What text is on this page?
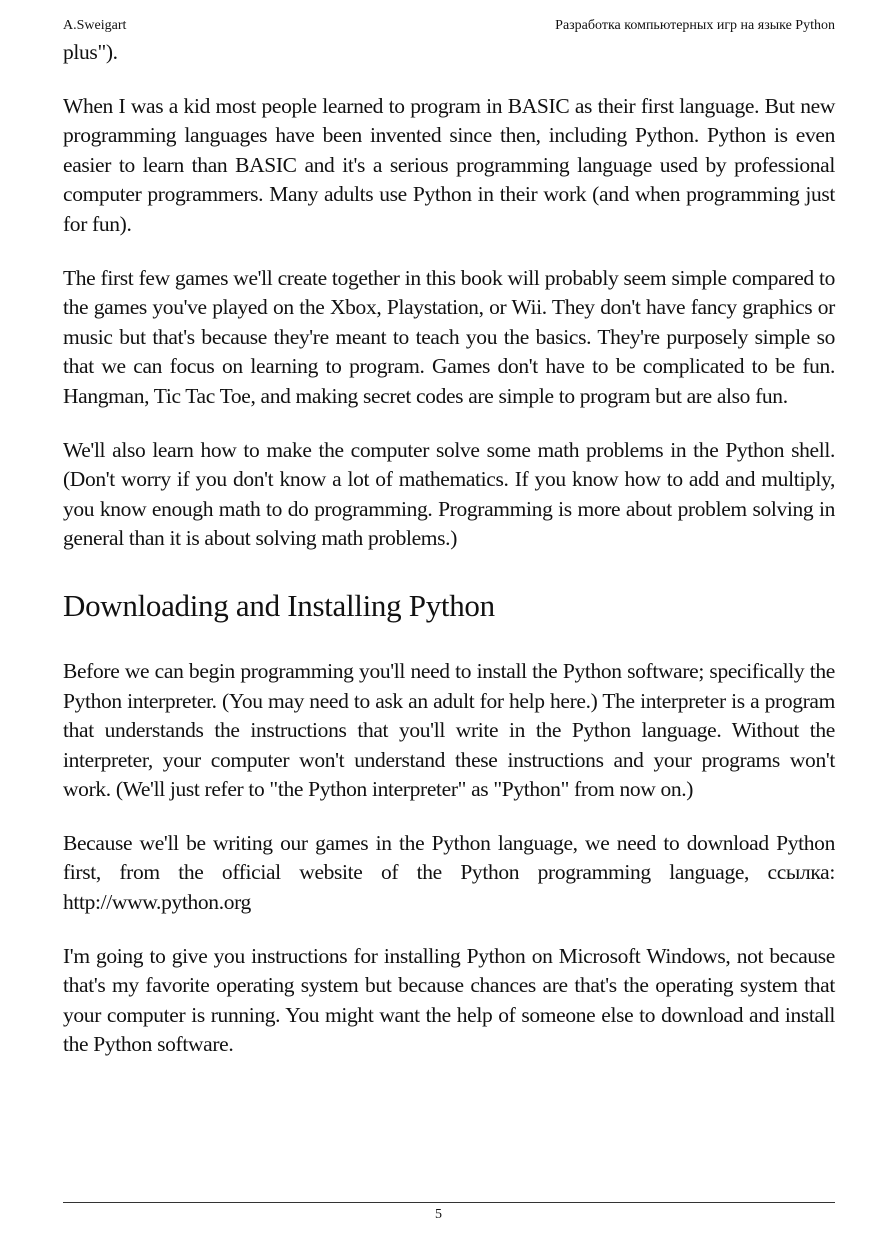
A.Sweigart	Разработка компьютерных игр на языке Python

plus").

When I was a kid most people learned to program in BASIC as their first language. But new programming languages have been invented since then, including Python. Python is even easier to learn than BASIC and it's a serious programming language used by professional computer programmers. Many adults use Python in their work (and when programming just for fun).

The first few games we'll create together in this book will probably seem simple compared to the games you've played on the Xbox, Playstation, or Wii. They don't have fancy graphics or music but that's because they're meant to teach you the basics. They're purposely simple so that we can focus on learning to program. Games don't have to be complicated to be fun. Hangman, Tic Tac Toe, and making secret codes are simple to program but are also fun.

We'll also learn how to make the computer solve some math problems in the Python shell. (Don't worry if you don't know a lot of mathematics. If you know how to add and multiply, you know enough math to do programming. Programming is more about problem solving in general than it is about solving math problems.)

Downloading and Installing Python

Before we can begin programming you'll need to install the Python software; specifically the Python interpreter. (You may need to ask an adult for help here.) The interpreter is a program that understands the instructions that you'll write in the Python language. Without the interpreter, your computer won't understand these instructions and your programs won't work. (We'll just refer to "the Python interpreter" as "Python" from now on.)

Because we'll be writing our games in the Python language, we need to download Python first, from the official website of the Python programming language, ссылка: http://www.python.org

I'm going to give you instructions for installing Python on Microsoft Windows, not because that's my favorite operating system but because chances are that's the operating system that your computer is running. You might want the help of someone else to download and install the Python software.

5
